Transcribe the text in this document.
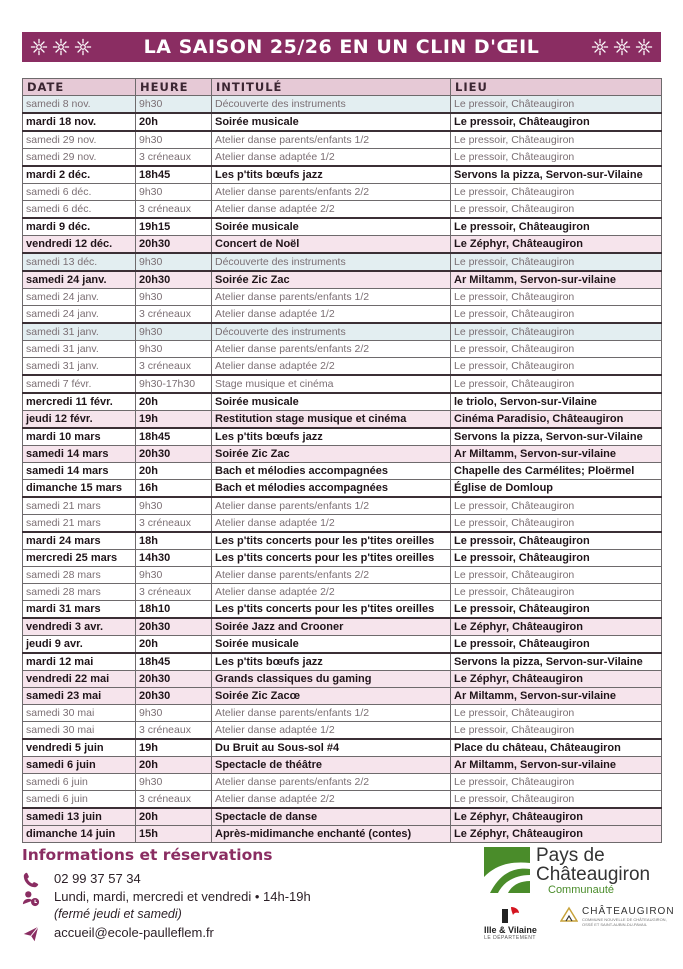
LA SAISON 25/26 EN UN CLIN D'ŒIL
DATE	HEURE	INTITULÉ	LIEU
samedi 8 nov.	9h30	Découverte des instruments	Le pressoir, Châteaugiron
mardi 18 nov.	20h	Soirée musicale	Le pressoir, Châteaugiron
samedi 29 nov.	9h30	Atelier danse parents/enfants 1/2	Le pressoir, Châteaugiron
samedi 29 nov.	3 créneaux	Atelier danse adaptée 1/2	Le pressoir, Châteaugiron
mardi 2 déc.	18h45	Les p'tits bœufs jazz	Servons la pizza, Servon-sur-Vilaine
samedi 6 déc.	9h30	Atelier danse parents/enfants 2/2	Le pressoir, Châteaugiron
samedi 6 déc.	3 créneaux	Atelier danse adaptée 2/2	Le pressoir, Châteaugiron
mardi 9 déc.	19h15	Soirée musicale	Le pressoir, Châteaugiron
vendredi 12 déc.	20h30	Concert de Noël	Le Zéphyr, Châteaugiron
samedi 13 déc.	9h30	Découverte des instruments	Le pressoir, Châteaugiron
samedi 24 janv.	20h30	Soirée Zic Zac	Ar Miltamm, Servon-sur-vilaine
samedi 24 janv.	9h30	Atelier danse parents/enfants 1/2	Le pressoir, Châteaugiron
samedi 24 janv.	3 créneaux	Atelier danse adaptée 1/2	Le pressoir, Châteaugiron
samedi 31 janv.	9h30	Découverte des instruments	Le pressoir, Châteaugiron
samedi 31 janv.	9h30	Atelier danse parents/enfants 2/2	Le pressoir, Châteaugiron
samedi 31 janv.	3 créneaux	Atelier danse adaptée 2/2	Le pressoir, Châteaugiron
samedi 7 févr.	9h30-17h30	Stage musique et cinéma	Le pressoir, Châteaugiron
mercredi 11 févr.	20h	Soirée musicale	le triolo, Servon-sur-Vilaine
jeudi 12 févr.	19h	Restitution stage musique et cinéma	Cinéma Paradisio, Châteaugiron
mardi 10 mars	18h45	Les p'tits bœufs jazz	Servons la pizza, Servon-sur-Vilaine
samedi 14 mars	20h30	Soirée Zic Zac	Ar Miltamm, Servon-sur-vilaine
samedi 14 mars	20h	Bach et mélodies accompagnées	Chapelle des Carmélites; Ploërmel
dimanche 15 mars	16h	Bach et mélodies accompagnées	Église de Domloup
samedi 21 mars	9h30	Atelier danse parents/enfants 1/2	Le pressoir, Châteaugiron
samedi 21 mars	3 créneaux	Atelier danse adaptée 1/2	Le pressoir, Châteaugiron
mardi 24 mars	18h	Les p'tits concerts pour les p'tites oreilles	Le pressoir, Châteaugiron
mercredi 25 mars	14h30	Les p'tits concerts pour les p'tites oreilles	Le pressoir, Châteaugiron
samedi 28 mars	9h30	Atelier danse parents/enfants 2/2	Le pressoir, Châteaugiron
samedi 28 mars	3 créneaux	Atelier danse adaptée 2/2	Le pressoir, Châteaugiron
mardi 31 mars	18h10	Les p'tits concerts pour les p'tites oreilles	Le pressoir, Châteaugiron
vendredi 3 avr.	20h30	Soirée Jazz and Crooner	Le Zéphyr, Châteaugiron
jeudi 9 avr.	20h	Soirée musicale	Le pressoir, Châteaugiron
mardi 12 mai	18h45	Les p'tits bœufs jazz	Servons la pizza, Servon-sur-Vilaine
vendredi 22 mai	20h30	Grands classiques du gaming	Le Zéphyr, Châteaugiron
samedi 23 mai	20h30	Soirée Zic Zacœ	Ar Miltamm, Servon-sur-vilaine
samedi 30 mai	9h30	Atelier danse parents/enfants 1/2	Le pressoir, Châteaugiron
samedi 30 mai	3 créneaux	Atelier danse adaptée 1/2	Le pressoir, Châteaugiron
vendredi 5 juin	19h	Du Bruit au Sous-sol #4	Place du château, Châteaugiron
samedi 6 juin	20h	Spectacle de théâtre	Ar Miltamm, Servon-sur-vilaine
samedi 6 juin	9h30	Atelier danse parents/enfants 2/2	Le pressoir, Châteaugiron
samedi 6 juin	3 créneaux	Atelier danse adaptée 2/2	Le pressoir, Châteaugiron
samedi 13 juin	20h	Spectacle de danse	Le Zéphyr, Châteaugiron
dimanche 14 juin	15h	Après-midimanche enchanté (contes)	Le Zéphyr, Châteaugiron
Informations et réservations
02 99 37 57 34
Lundi, mardi, mercredi et vendredi • 14h-19h
(fermé jeudi et samedi)
accueil@ecole-paulleflem.fr
Pays de
Châteaugiron
Communauté
Ille & Vilaine
LE DÉPARTEMENT
CHÂTEAUGIRON
COMMUNE NOUVELLE DE CHÂTEAUGIRON, OSSÉ ET SAINT-AUBIN-DU-PAVAIL
